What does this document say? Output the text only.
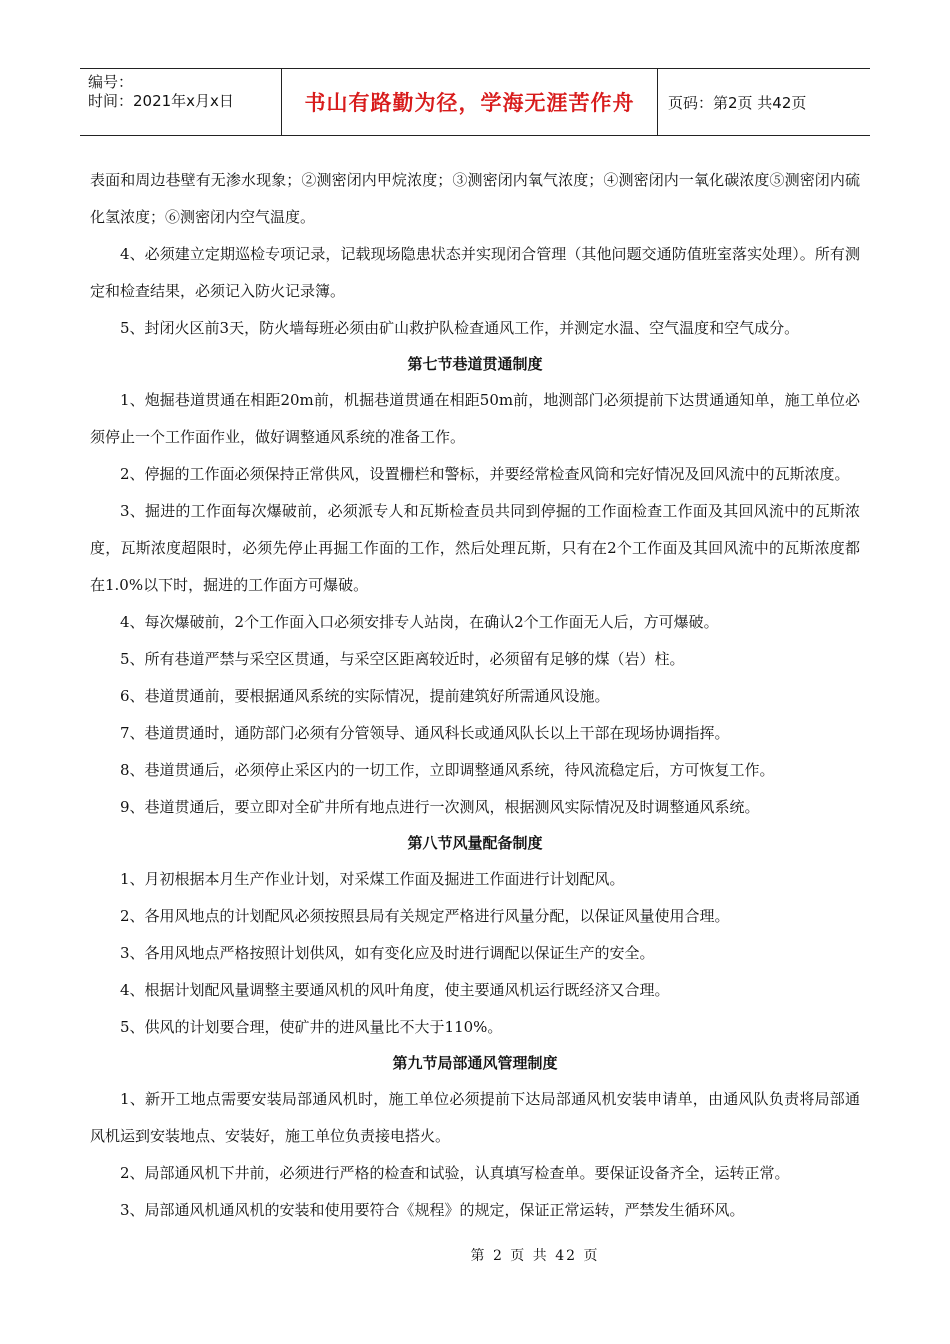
编号：
时间：2021年x月x日	书山有路勤为径，学海无涯苦作舟	页码：第2页 共42页

表面和周边巷壁有无渗水现象；②测密闭内甲烷浓度；③测密闭内氧气浓度；④测密闭内一氧化碳浓度⑤测密闭内硫化氢浓度；⑥测密闭内空气温度。

4、必须建立定期巡检专项记录，记载现场隐患状态并实现闭合管理（其他问题交通防值班室落实处理）。所有测定和检查结果，必须记入防火记录簿。

5、封闭火区前3天，防火墙每班必须由矿山救护队检查通风工作，并测定水温、空气温度和空气成分。

第七节巷道贯通制度

1、炮掘巷道贯通在相距20m前，机掘巷道贯通在相距50m前，地测部门必须提前下达贯通通知单，施工单位必须停止一个工作面作业，做好调整通风系统的准备工作。

2、停掘的工作面必须保持正常供风，设置栅栏和警标，并要经常检查风筒和完好情况及回风流中的瓦斯浓度。

3、掘进的工作面每次爆破前，必须派专人和瓦斯检查员共同到停掘的工作面检查工作面及其回风流中的瓦斯浓度，瓦斯浓度超限时，必须先停止再掘工作面的工作，然后处理瓦斯，只有在2个工作面及其回风流中的瓦斯浓度都在1.0%以下时，掘进的工作面方可爆破。

4、每次爆破前，2个工作面入口必须安排专人站岗，在确认2个工作面无人后，方可爆破。

5、所有巷道严禁与采空区贯通，与采空区距离较近时，必须留有足够的煤（岩）柱。

6、巷道贯通前，要根据通风系统的实际情况，提前建筑好所需通风设施。

7、巷道贯通时，通防部门必须有分管领导、通风科长或通风队长以上干部在现场协调指挥。

8、巷道贯通后，必须停止采区内的一切工作，立即调整通风系统，待风流稳定后，方可恢复工作。

9、巷道贯通后，要立即对全矿井所有地点进行一次测风，根据测风实际情况及时调整通风系统。

第八节风量配备制度

1、月初根据本月生产作业计划，对采煤工作面及掘进工作面进行计划配风。

2、各用风地点的计划配风必须按照县局有关规定严格进行风量分配，以保证风量使用合理。

3、各用风地点严格按照计划供风，如有变化应及时进行调配以保证生产的安全。

4、根据计划配风量调整主要通风机的风叶角度，使主要通风机运行既经济又合理。

5、供风的计划要合理，使矿井的进风量比不大于110%。

第九节局部通风管理制度

1、新开工地点需要安装局部通风机时，施工单位必须提前下达局部通风机安装申请单，由通风队负责将局部通风机运到安装地点、安装好，施工单位负责接电搭火。

2、局部通风机下井前，必须进行严格的检查和试验，认真填写检查单。要保证设备齐全，运转正常。

3、局部通风机通风机的安装和使用要符合《规程》的规定，保证正常运转，严禁发生循环风。

第 2 页 共 42 页
